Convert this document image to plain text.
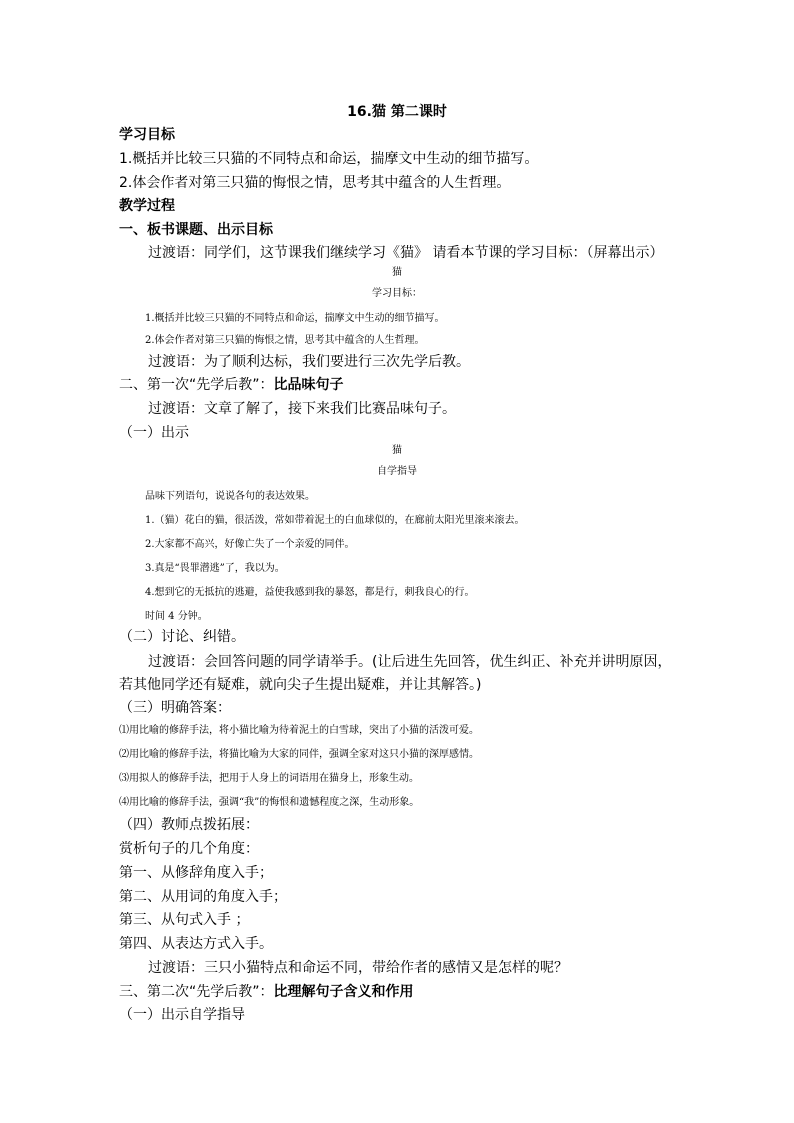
16.猫 第二课时
学习目标
1.概括并比较三只猫的不同特点和命运，揣摩文中生动的细节描写。
2.体会作者对第三只猫的悔恨之情，思考其中蕴含的人生哲理。
教学过程
一、板书课题、出示目标
过渡语：同学们，这节课我们继续学习《猫》 请看本节课的学习目标：（屏幕出示）
猫
学习目标：
1.概括并比较三只猫的不同特点和命运，揣摩文中生动的细节描写。
2.体会作者对第三只猫的悔恨之情，思考其中蕴含的人生哲理。
过渡语：为了顺利达标，我们要进行三次先学后教。
二、第一次“先学后教”：比品味句子
过渡语：文章了解了，接下来我们比赛品味句子。
（一）出示
猫
自学指导
品味下列语句，说说各句的表达效果。
1.（猫）花白的猫，很活泼，常如带着泥土的白血球似的，在廊前太阳光里滚来滚去。
2.大家都不高兴，好像亡失了一个亲爱的同伴。
3.真是“畏罪潜逃”了，我以为。
4.想到它的无抵抗的逃避，益使我感到我的暴怒，都是行，刺我良心的行。
时间 4 分钟。
（二）讨论、纠错。
过渡语：会回答问题的同学请举手。(让后进生先回答，优生纠正、补充并讲明原因，
若其他同学还有疑难，就向尖子生提出疑难，并让其解答。)
（三）明确答案：
⑴用比喻的修辞手法，将小猫比喻为待着泥土的白雪球，突出了小猫的活泼可爱。
⑵用比喻的修辞手法，将猫比喻为大家的同伴，强调全家对这只小猫的深厚感情。
⑶用拟人的修辞手法，把用于人身上的词语用在猫身上，形象生动。
⑷用比喻的修辞手法，强调“我”的悔恨和遗憾程度之深，生动形象。
（四）教师点拨拓展：
赏析句子的几个角度：
第一、从修辞角度入手；
第二、从用词的角度入手；
第三、从句式入手 ；
第四、从表达方式入手。
过渡语：三只小猫特点和命运不同，带给作者的感情又是怎样的呢？
三、第二次“先学后教”：比理解句子含义和作用
（一）出示自学指导
